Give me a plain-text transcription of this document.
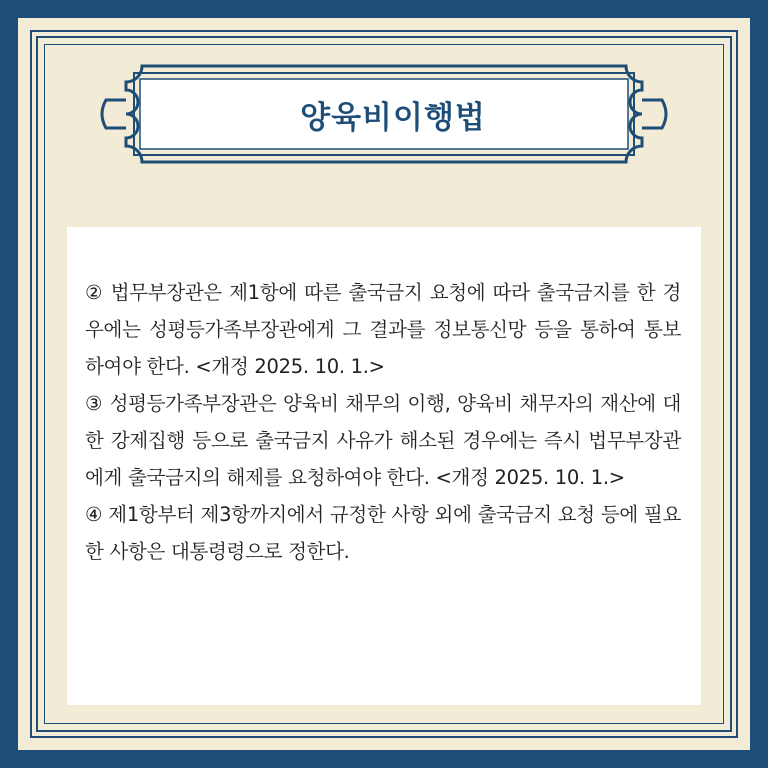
양육비이행법

② 법무부장관은 제1항에 따른 출국금지 요청에 따라 출국금지를 한 경우에는 성평등가족부장관에게 그 결과를 정보통신망 등을 통하여 통보하여야 한다. <개정 2025. 10. 1.>

③ 성평등가족부장관은 양육비 채무의 이행, 양육비 채무자의 재산에 대한 강제집행 등으로 출국금지 사유가 해소된 경우에는 즉시 법무부장관에게 출국금지의 해제를 요청하여야 한다. <개정 2025. 10. 1.>

④ 제1항부터 제3항까지에서 규정한 사항 외에 출국금지 요청 등에 필요한 사항은 대통령령으로 정한다.
